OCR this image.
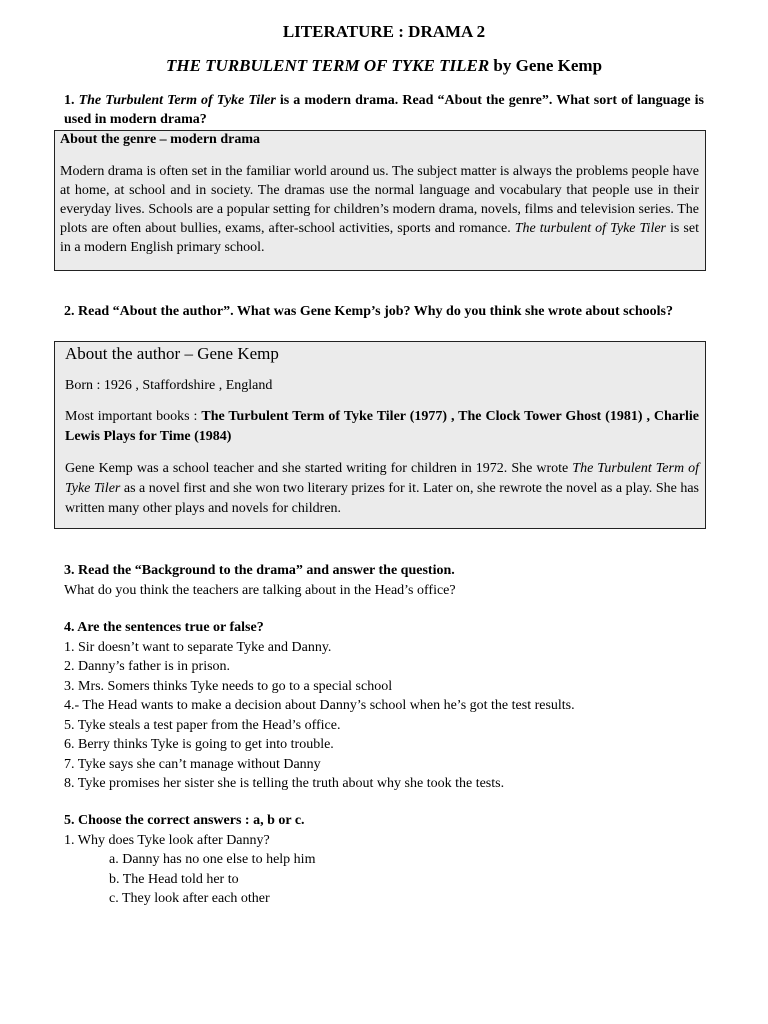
LITERATURE : DRAMA 2
THE TURBULENT TERM OF TYKE TILER by Gene Kemp
1. The Turbulent Term of Tyke Tiler is a modern drama. Read “About the genre”. What sort of language is used in modern drama?

About the genre – modern drama

Modern drama is often set in the familiar world around us. The subject matter is always the problems people have at home, at school and in society. The dramas use the normal language and vocabulary that people use in their everyday lives. Schools are a popular setting for children’s modern drama, novels, films and television series. The plots are often about bullies, exams, after-school activities, sports and romance. The turbulent of Tyke Tiler is set in a modern English primary school.

2. Read “About the author”. What was Gene Kemp’s job? Why do you think she wrote about schools?

About the author – Gene Kemp

Born : 1926 , Staffordshire , England

Most important books : The Turbulent Term of Tyke Tiler (1977) , The Clock Tower Ghost (1981) , Charlie Lewis Plays for Time (1984)

Gene Kemp was a school teacher and she started writing for children in 1972. She wrote The Turbulent Term of Tyke Tiler as a novel first and she won two literary prizes for it. Later on, she rewrote the novel as a play. She has written many other plays and novels for children.

3. Read the “Background to the drama” and answer the question.
What do you think the teachers are talking about in the Head’s office?
4. Are the sentences true or false?
1. Sir doesn’t want to separate Tyke and Danny.
2. Danny’s father is in prison.
3. Mrs. Somers thinks Tyke needs to go to a special school
4.- The Head wants to make a decision about Danny’s school when he’s got the test results.
5. Tyke steals a test paper from the Head’s office.
6. Berry thinks Tyke is going to get into trouble.
7. Tyke says she can’t manage without Danny
8. Tyke promises her sister she is telling the truth about why she took the tests.
5. Choose the correct answers : a, b or c.
1. Why does Tyke look after Danny?
a. Danny has no one else to help him
b. The Head told her to
c. They look after each other
